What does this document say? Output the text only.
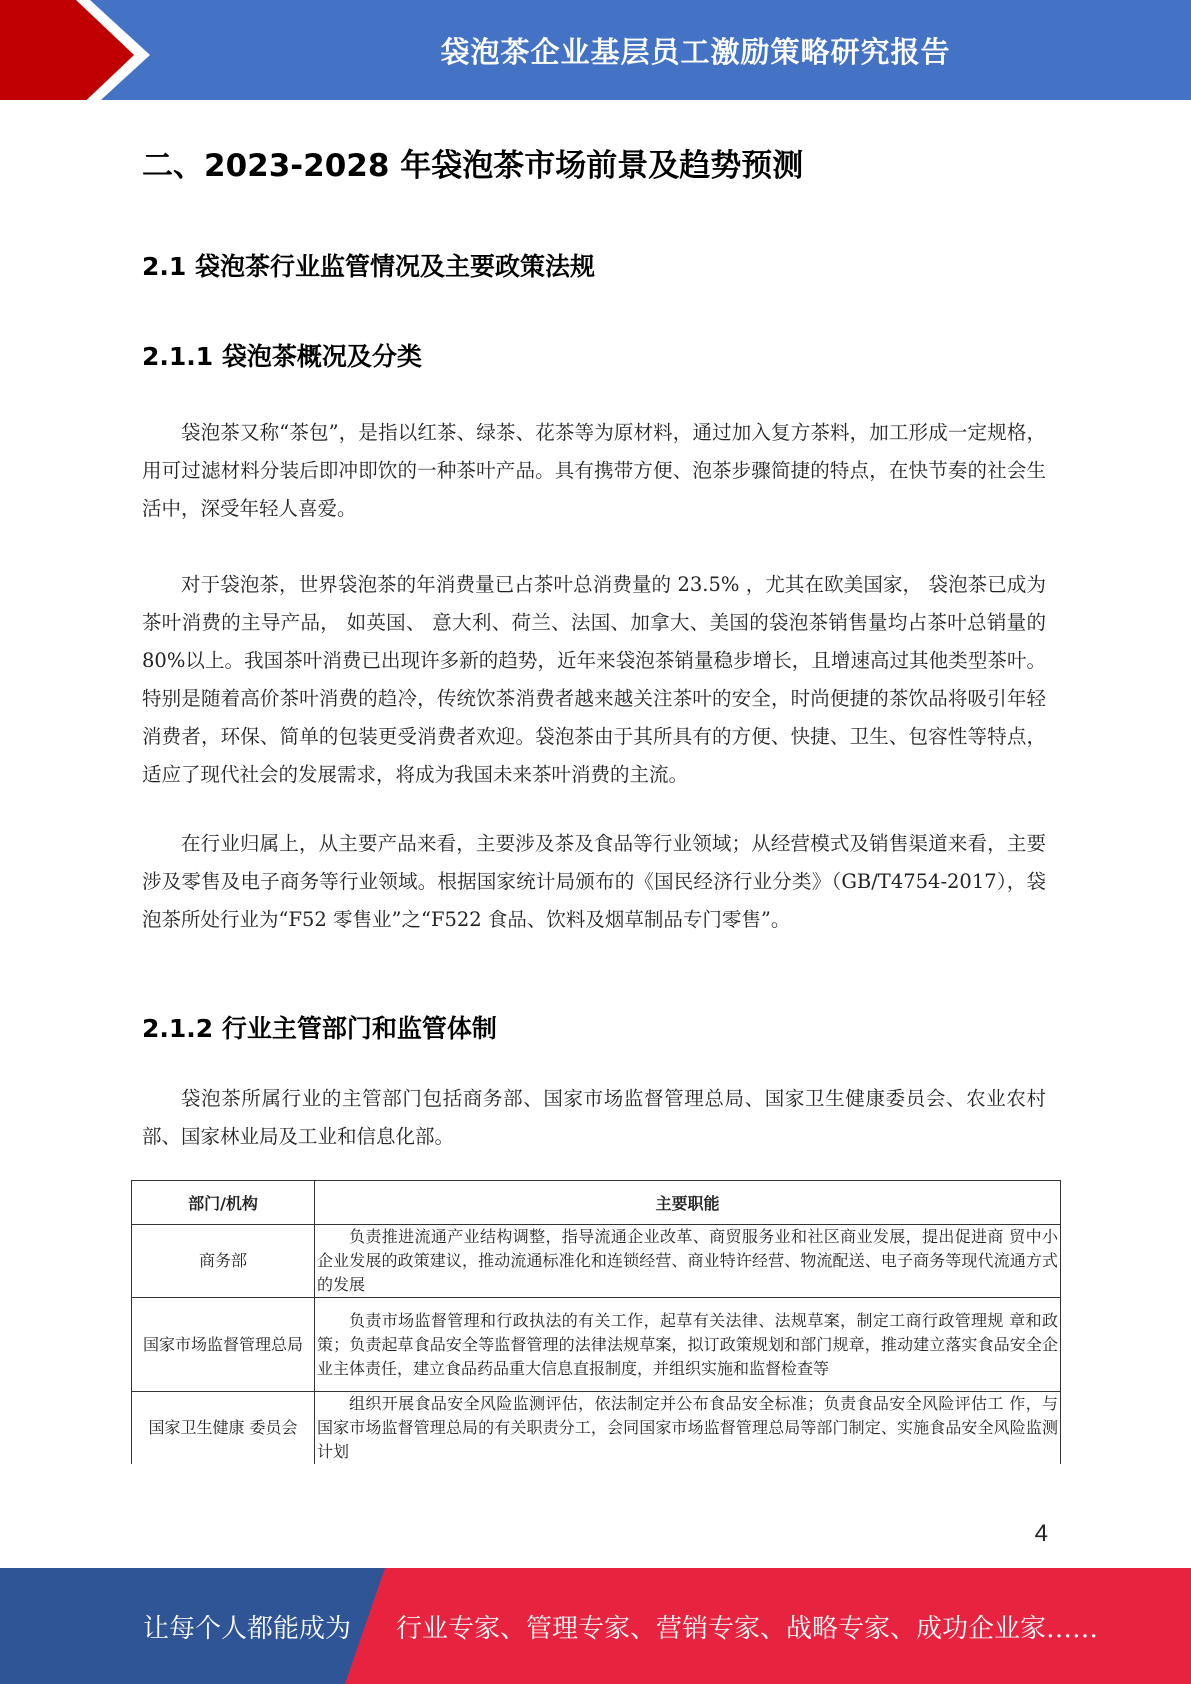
袋泡茶企业基层员工激励策略研究报告
二、2023-2028 年袋泡茶市场前景及趋势预测
2.1 袋泡茶行业监管情况及主要政策法规
2.1.1 袋泡茶概况及分类
袋泡茶又称“茶包”，是指以红茶、绿茶、花茶等为原材料，通过加入复方茶料，加工形成一定规格，用可过滤材料分装后即冲即饮的一种茶叶产品。具有携带方便、泡茶步骤简捷的特点，在快节奏的社会生活中，深受年轻人喜爱。
对于袋泡茶，世界袋泡茶的年消费量已占茶叶总消费量的 23.5% ，尤其在欧美国家， 袋泡茶已成为茶叶消费的主导产品， 如英国、 意大利、荷兰、法国、加拿大、美国的袋泡茶销售量均占茶叶总销量的 80%以上。我国茶叶消费已出现许多新的趋势，近年来袋泡茶销量稳步增长，且增速高过其他类型茶叶。特别是随着高价茶叶消费的趋冷，传统饮茶消费者越来越关注茶叶的安全，时尚便捷的茶饮品将吸引年轻消费者，环保、简单的包装更受消费者欢迎。袋泡茶由于其所具有的方便、快捷、卫生、包容性等特点，适应了现代社会的发展需求，将成为我国未来茶叶消费的主流。
在行业归属上，从主要产品来看，主要涉及茶及食品等行业领域；从经营模式及销售渠道来看，主要涉及零售及电子商务等行业领域。根据国家统计局颁布的《国民经济行业分类》（GB/T4754-2017），袋泡茶所处行业为“F52 零售业”之“F522 食品、饮料及烟草制品专门零售”。
2.1.2 行业主管部门和监管体制
袋泡茶所属行业的主管部门包括商务部、国家市场监督管理总局、国家卫生健康委员会、农业农村部、国家林业局及工业和信息化部。
部门/机构	主要职能
商务部	负责推进流通产业结构调整，指导流通企业改革、商贸服务业和社区商业发展，提出促进商 贸中小企业发展的政策建议，推动流通标准化和连锁经营、商业特许经营、物流配送、电子商务等现代流通方式的发展
国家市场监督管理总局	负责市场监督管理和行政执法的有关工作，起草有关法律、法规草案，制定工商行政管理规 章和政策；负责起草食品安全等监督管理的法律法规草案，拟订政策规划和部门规章，推动建立落实食品安全企业主体责任，建立食品药品重大信息直报制度，并组织实施和监督检查等
国家卫生健康 委员会	组织开展食品安全风险监测评估，依法制定并公布食品安全标准；负责食品安全风险评估工 作，与国家市场监督管理总局的有关职责分工，会同国家市场监督管理总局等部门制定、实施食品安全风险监测计划
4
让每个人都能成为 行业专家、管理专家、营销专家、战略专家、成功企业家……
